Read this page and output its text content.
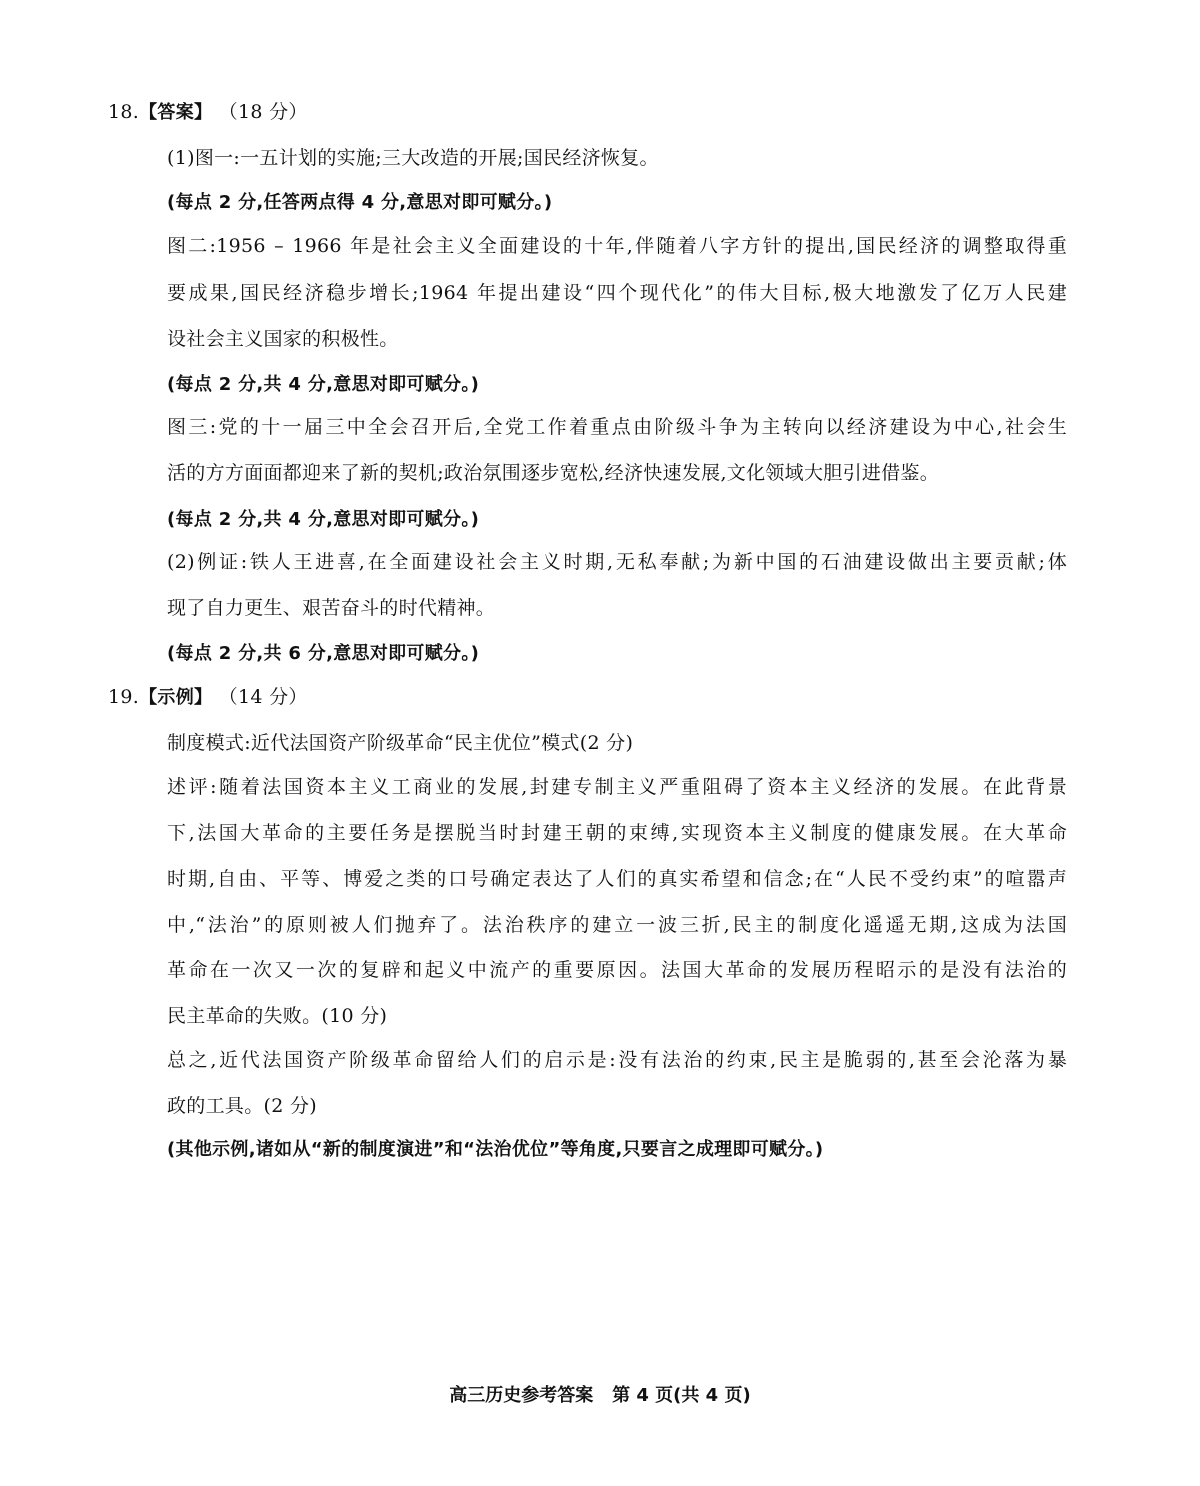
18.【答案】 （18 分）
(1)图一:一五计划的实施;三大改造的开展;国民经济恢复。
(每点 2 分,任答两点得 4 分,意思对即可赋分。)
图二:1956 – 1966 年是社会主义全面建设的十年,伴随着八字方针的提出,国民经济的调整取得重
要成果,国民经济稳步增长;1964 年提出建设“四个现代化”的伟大目标,极大地激发了亿万人民建
设社会主义国家的积极性。
(每点 2 分,共 4 分,意思对即可赋分。)
图三:党的十一届三中全会召开后,全党工作着重点由阶级斗争为主转向以经济建设为中心,社会生
活的方方面面都迎来了新的契机;政治氛围逐步宽松,经济快速发展,文化领域大胆引进借鉴。
(每点 2 分,共 4 分,意思对即可赋分。)
(2)例证:铁人王进喜,在全面建设社会主义时期,无私奉献;为新中国的石油建设做出主要贡献;体
现了自力更生、艰苦奋斗的时代精神。
(每点 2 分,共 6 分,意思对即可赋分。)
19.【示例】 （14 分）
制度模式:近代法国资产阶级革命“民主优位”模式(2 分)
述评:随着法国资本主义工商业的发展,封建专制主义严重阻碍了资本主义经济的发展。在此背景
下,法国大革命的主要任务是摆脱当时封建王朝的束缚,实现资本主义制度的健康发展。在大革命
时期,自由、平等、博爱之类的口号确定表达了人们的真实希望和信念;在“人民不受约束”的喧嚣声
中,“法治”的原则被人们抛弃了。法治秩序的建立一波三折,民主的制度化遥遥无期,这成为法国
革命在一次又一次的复辟和起义中流产的重要原因。法国大革命的发展历程昭示的是没有法治的
民主革命的失败。(10 分)
总之,近代法国资产阶级革命留给人们的启示是:没有法治的约束,民主是脆弱的,甚至会沦落为暴
政的工具。(2 分)
(其他示例,诸如从“新的制度演进”和“法治优位”等角度,只要言之成理即可赋分。)
高三历史参考答案 第 4 页(共 4 页)
